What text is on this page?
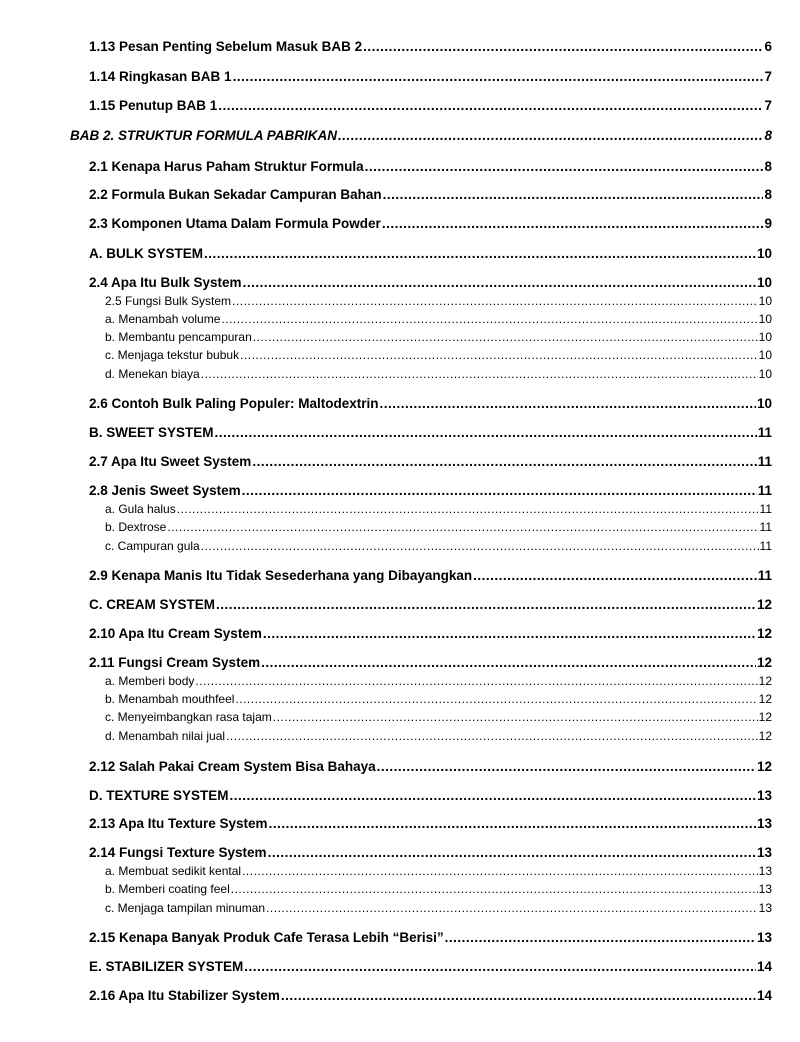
1.13 Pesan Penting Sebelum Masuk BAB 2 .....	6
1.14 Ringkasan BAB 1 .....	7
1.15 Penutup BAB 1 .....	7
BAB 2. STRUKTUR FORMULA PABRIKAN .....	8
2.1 Kenapa Harus Paham Struktur Formula .....	8
2.2 Formula Bukan Sekadar Campuran Bahan .....	8
2.3 Komponen Utama Dalam Formula Powder .....	9
A. BULK SYSTEM .....	10
2.4 Apa Itu Bulk System .....	10
2.5 Fungsi Bulk System .....	10
a. Menambah volume .....	10
b. Membantu pencampuran .....	10
c. Menjaga tekstur bubuk .....	10
d. Menekan biaya .....	10
2.6 Contoh Bulk Paling Populer: Maltodextrin .....	10
B. SWEET SYSTEM .....	11
2.7 Apa Itu Sweet System .....	11
2.8 Jenis Sweet System .....	11
a. Gula halus .....	11
b. Dextrose .....	11
c. Campuran gula .....	11
2.9 Kenapa Manis Itu Tidak Sesederhana yang Dibayangkan .....	11
C. CREAM SYSTEM .....	12
2.10 Apa Itu Cream System .....	12
2.11 Fungsi Cream System .....	12
a. Memberi body .....	12
b. Menambah mouthfeel .....	12
c. Menyeimbangkan rasa tajam .....	12
d. Menambah nilai jual .....	12
2.12 Salah Pakai Cream System Bisa Bahaya .....	12
D. TEXTURE SYSTEM .....	13
2.13 Apa Itu Texture System .....	13
2.14 Fungsi Texture System .....	13
a. Membuat sedikit kental .....	13
b. Memberi coating feel .....	13
c. Menjaga tampilan minuman .....	13
2.15 Kenapa Banyak Produk Cafe Terasa Lebih “Berisi” .....	13
E. STABILIZER SYSTEM .....	14
2.16 Apa Itu Stabilizer System .....	14
